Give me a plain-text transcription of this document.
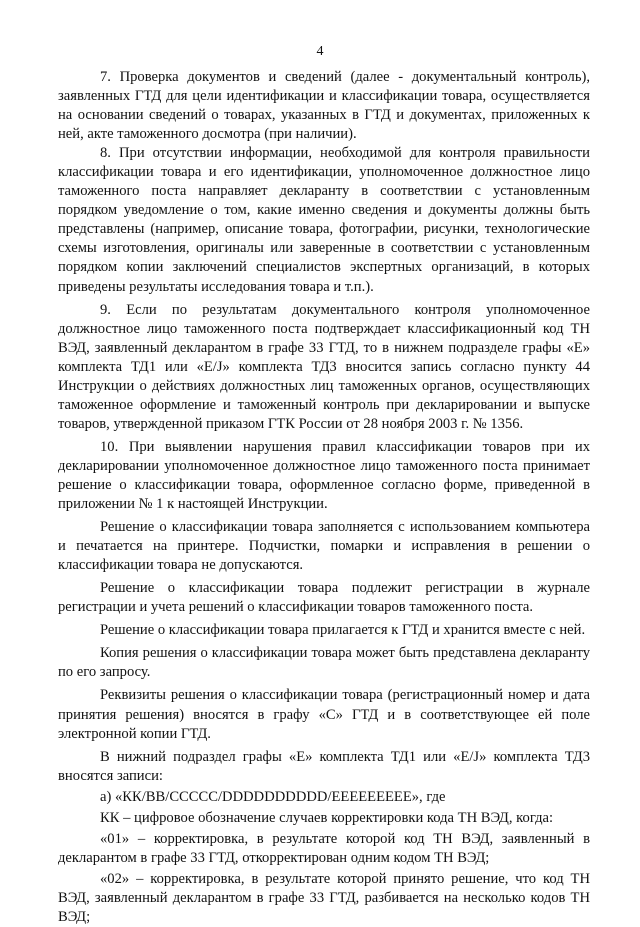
4

7. Проверка документов и сведений (далее - документальный контроль), заявленных ГТД для цели идентификации и классификации товара, осуществляется на основании сведений о товарах, указанных в ГТД и документах, приложенных к ней, акте таможенного досмотра (при наличии).

8. При отсутствии информации, необходимой для контроля правильности классификации товара и его идентификации, уполномоченное должностное лицо таможенного поста направляет декларанту в соответствии с установленным порядком уведомление о том, какие именно сведения и документы должны быть представлены (например, описание товара, фотографии, рисунки, технологические схемы изготовления, оригиналы или заверенные в соответствии с установленным порядком копии заключений специалистов экспертных организаций, в которых приведены результаты исследования товара и т.п.).

9. Если по результатам документального контроля уполномоченное должностное лицо таможенного поста подтверждает классификационный код ТН ВЭД, заявленный декларантом в графе 33 ГТД, то в нижнем подразделе графы «Е» комплекта ТД1 или «Е/J» комплекта ТД3 вносится запись согласно пункту 44 Инструкции о действиях должностных лиц таможенных органов, осуществляющих таможенное оформление и таможенный контроль при декларировании и выпуске товаров, утвержденной приказом ГТК России от 28 ноября 2003 г. № 1356.

10. При выявлении нарушения правил классификации товаров при их декларировании уполномоченное должностное лицо таможенного поста принимает решение о классификации товара, оформленное согласно форме, приведенной в приложении № 1 к настоящей Инструкции.

Решение о классификации товара заполняется с использованием компьютера и печатается на принтере. Подчистки, помарки и исправления в решении о классификации товара не допускаются.

Решение о классификации товара подлежит регистрации в журнале регистрации и учета решений о классификации товаров таможенного поста.

Решение о классификации товара прилагается к ГТД и хранится вместе с ней.

Копия решения о классификации товара может быть представлена декларанту по его запросу.

Реквизиты решения о классификации товара (регистрационный номер и дата принятия решения) вносятся в графу «С» ГТД и в соответствующее ей поле электронной копии ГТД.

В нижний подраздел графы «Е» комплекта ТД1 или «E/J» комплекта ТД3 вносятся записи:

а) «КК/ВВ/СССCC/DDDDDDDDDD/ЕЕЕЕЕЕЕЕЕ», где

КК – цифровое обозначение случаев корректировки кода ТН ВЭД, когда:

«01» – корректировка, в результате которой код ТН ВЭД, заявленный в декларантом в графе 33 ГТД, откорректирован одним кодом ТН ВЭД;

«02» – корректировка, в результате которой принято решение, что код ТН ВЭД, заявленный декларантом в графе 33 ГТД, разбивается на несколько кодов ТН ВЭД;
